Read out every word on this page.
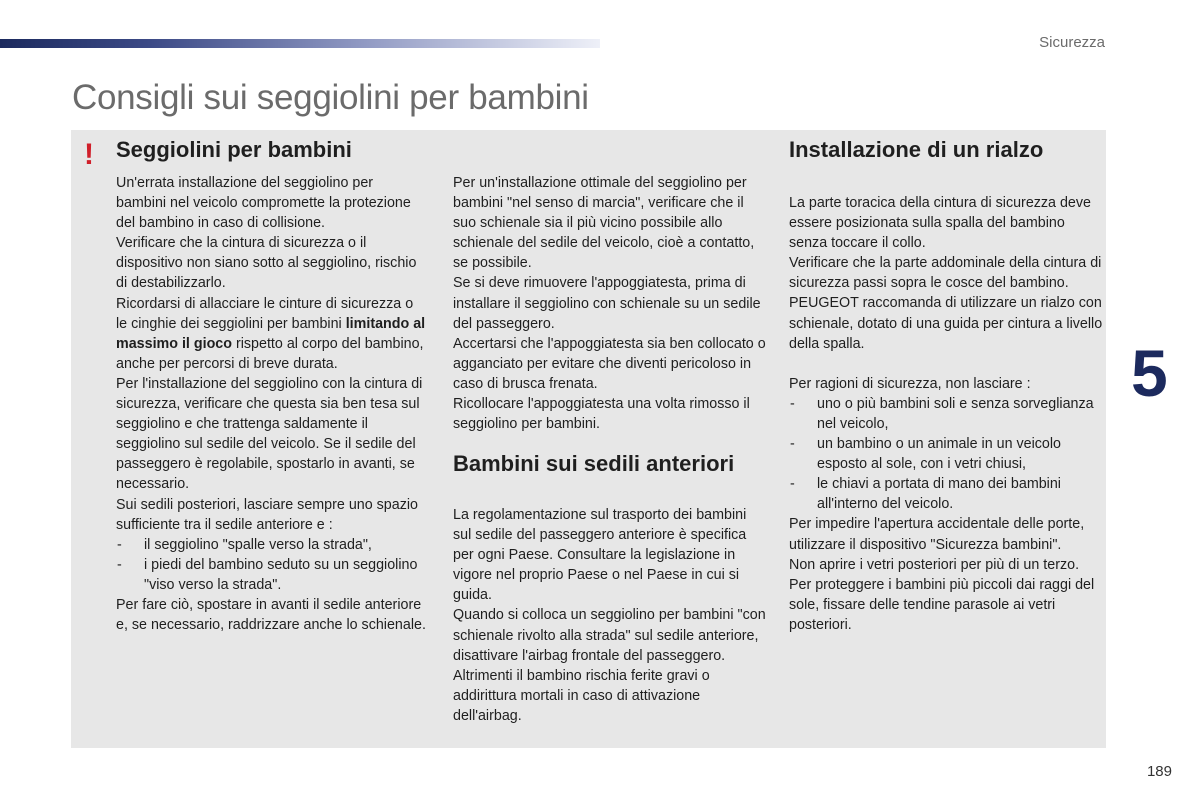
Sicurezza
Consigli sui seggiolini per bambini
! Seggiolini per bambini

Un'errata installazione del seggiolino per bambini nel veicolo compromette la protezione del bambino in caso di collisione.

Verificare che la cintura di sicurezza o il dispositivo non siano sotto al seggiolino, rischio di destabilizzarlo.

Ricordarsi di allacciare le cinture di sicurezza o le cinghie dei seggiolini per bambini limitando al massimo il gioco rispetto al corpo del bambino, anche per percorsi di breve durata.

Per l'installazione del seggiolino con la cintura di sicurezza, verificare che questa sia ben tesa sul seggiolino e che trattenga saldamente il seggiolino sul sedile del veicolo. Se il sedile del passeggero è regolabile, spostarlo in avanti, se necessario.

Sui sedili posteriori, lasciare sempre uno spazio sufficiente tra il sedile anteriore e :

- il seggiolino "spalle verso la strada",
- i piedi del bambino seduto su un seggiolino "viso verso la strada".

Per fare ciò, spostare in avanti il sedile anteriore e, se necessario, raddrizzare anche lo schienale.

Per un'installazione ottimale del seggiolino per bambini "nel senso di marcia", verificare che il suo schienale sia il più vicino possibile allo schienale del sedile del veicolo, cioè a contatto, se possibile.

Se si deve rimuovere l'appoggiatesta, prima di installare il seggiolino con schienale su un sedile del passeggero.

Accertarsi che l'appoggiatesta sia ben collocato o agganciato per evitare che diventi pericoloso in caso di brusca frenata.

Ricollocare l'appoggiatesta una volta rimosso il seggiolino per bambini.

Bambini sui sedili anteriori

La regolamentazione sul trasporto dei bambini sul sedile del passeggero anteriore è specifica per ogni Paese. Consultare la legislazione in vigore nel proprio Paese o nel Paese in cui si guida.

Quando si colloca un seggiolino per bambini "con schienale rivolto alla strada" sul sedile anteriore, disattivare l'airbag frontale del passeggero. Altrimenti il bambino rischia ferite gravi o addirittura mortali in caso di attivazione dell'airbag.

Installazione di un rialzo

La parte toracica della cintura di sicurezza deve essere posizionata sulla spalla del bambino senza toccare il collo.

Verificare che la parte addominale della cintura di sicurezza passi sopra le cosce del bambino.

PEUGEOT raccomanda di utilizzare un rialzo con schienale, dotato di una guida per cintura a livello della spalla.

Per ragioni di sicurezza, non lasciare :

- uno o più bambini soli e senza sorveglianza nel veicolo,
- un bambino o un animale in un veicolo esposto al sole, con i vetri chiusi,
- le chiavi a portata di mano dei bambini all'interno del veicolo.

Per impedire l'apertura accidentale delle porte, utilizzare il dispositivo "Sicurezza bambini".

Non aprire i vetri posteriori per più di un terzo.

Per proteggere i bambini più piccoli dai raggi del sole, fissare delle tendine parasole ai vetri posteriori.

5
189
